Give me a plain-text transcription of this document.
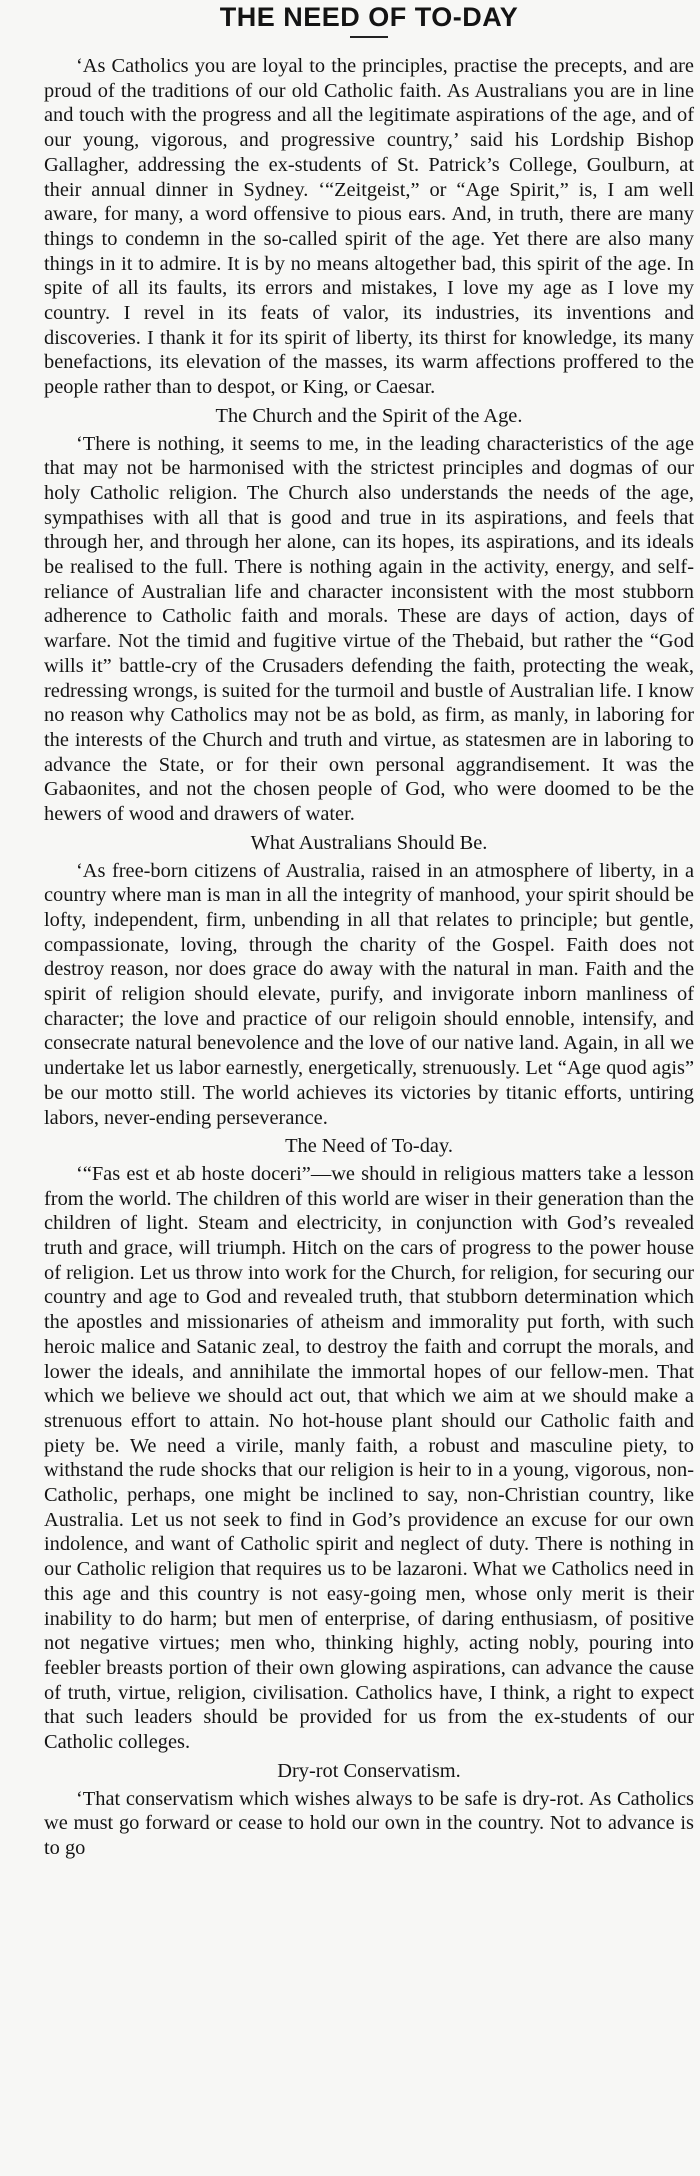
THE NEED OF TO-DAY

‘As Catholics you are loyal to the principles, practise the precepts, and are proud of the traditions of our old Catholic faith. As Australians you are in line and touch with the progress and all the legitimate aspirations of the age, and of our young, vigorous, and progressive country,’ said his Lordship Bishop Gallagher, addressing the ex-students of St. Patrick’s College, Goulburn, at their annual dinner in Sydney. ‘“Zeitgeist,” or “Age Spirit,” is, I am well aware, for many, a word offensive to pious ears. And, in truth, there are many things to condemn in the so-called spirit of the age. Yet there are also many things in it to admire. It is by no means altogether bad, this spirit of the age. In spite of all its faults, its errors and mistakes, I love my age as I love my country. I revel in its feats of valor, its industries, its inventions and discoveries. I thank it for its spirit of liberty, its thirst for knowledge, its many benefactions, its elevation of the masses, its warm affections proffered to the people rather than to despot, or King, or Caesar.

The Church and the Spirit of the Age.

‘There is nothing, it seems to me, in the leading characteristics of the age that may not be harmonised with the strictest principles and dogmas of our holy Catholic religion. The Church also understands the needs of the age, sympathises with all that is good and true in its aspirations, and feels that through her, and through her alone, can its hopes, its aspirations, and its ideals be realised to the full. There is nothing again in the activity, energy, and self-reliance of Australian life and character inconsistent with the most stubborn adherence to Catholic faith and morals. These are days of action, days of warfare. Not the timid and fugitive virtue of the Thebaid, but rather the “God wills it” battle-cry of the Crusaders defending the faith, protecting the weak, redressing wrongs, is suited for the turmoil and bustle of Australian life. I know no reason why Catholics may not be as bold, as firm, as manly, in laboring for the interests of the Church and truth and virtue, as statesmen are in laboring to advance the State, or for their own personal aggrandisement. It was the Gabaonites, and not the chosen people of God, who were doomed to be the hewers of wood and drawers of water.

What Australians Should Be.

‘As free-born citizens of Australia, raised in an atmosphere of liberty, in a country where man is man in all the integrity of manhood, your spirit should be lofty, independent, firm, unbending in all that relates to principle; but gentle, compassionate, loving, through the charity of the Gospel. Faith does not destroy reason, nor does grace do away with the natural in man. Faith and the spirit of religion should elevate, purify, and invigorate inborn manliness of character; the love and practice of our religoin should ennoble, intensify, and consecrate natural benevolence and the love of our native land. Again, in all we undertake let us labor earnestly, energetically, strenuously. Let “Age quod agis” be our motto still. The world achieves its victories by titanic efforts, untiring labors, never-ending perseverance.

The Need of To-day.

‘“Fas est et ab hoste doceri”—we should in religious matters take a lesson from the world. The children of this world are wiser in their generation than the children of light. Steam and electricity, in conjunction with God’s revealed truth and grace, will triumph. Hitch on the cars of progress to the power house of religion. Let us throw into work for the Church, for religion, for securing our country and age to God and revealed truth, that stubborn determination which the apostles and missionaries of atheism and immorality put forth, with such heroic malice and Satanic zeal, to destroy the faith and corrupt the morals, and lower the ideals, and annihilate the immortal hopes of our fellow-men. That which we believe we should act out, that which we aim at we should make a strenuous effort to attain. No hot-house plant should our Catholic faith and piety be. We need a virile, manly faith, a robust and masculine piety, to withstand the rude shocks that our religion is heir to in a young, vigorous, non-Catholic, perhaps, one might be inclined to say, non-Christian country, like Australia. Let us not seek to find in God’s providence an excuse for our own indolence, and want of Catholic spirit and neglect of duty. There is nothing in our Catholic religion that requires us to be lazaroni. What we Catholics need in this age and this country is not easy-going men, whose only merit is their inability to do harm; but men of enterprise, of daring enthusiasm, of positive not negative virtues; men who, thinking highly, acting nobly, pouring into feebler breasts portion of their own glowing aspirations, can advance the cause of truth, virtue, religion, civilisation. Catholics have, I think, a right to expect that such leaders should be provided for us from the ex-students of our Catholic colleges.

Dry-rot Conservatism.

‘That conservatism which wishes always to be safe is dry-rot. As Catholics we must go forward or cease to hold our own in the country. Not to advance is to go
